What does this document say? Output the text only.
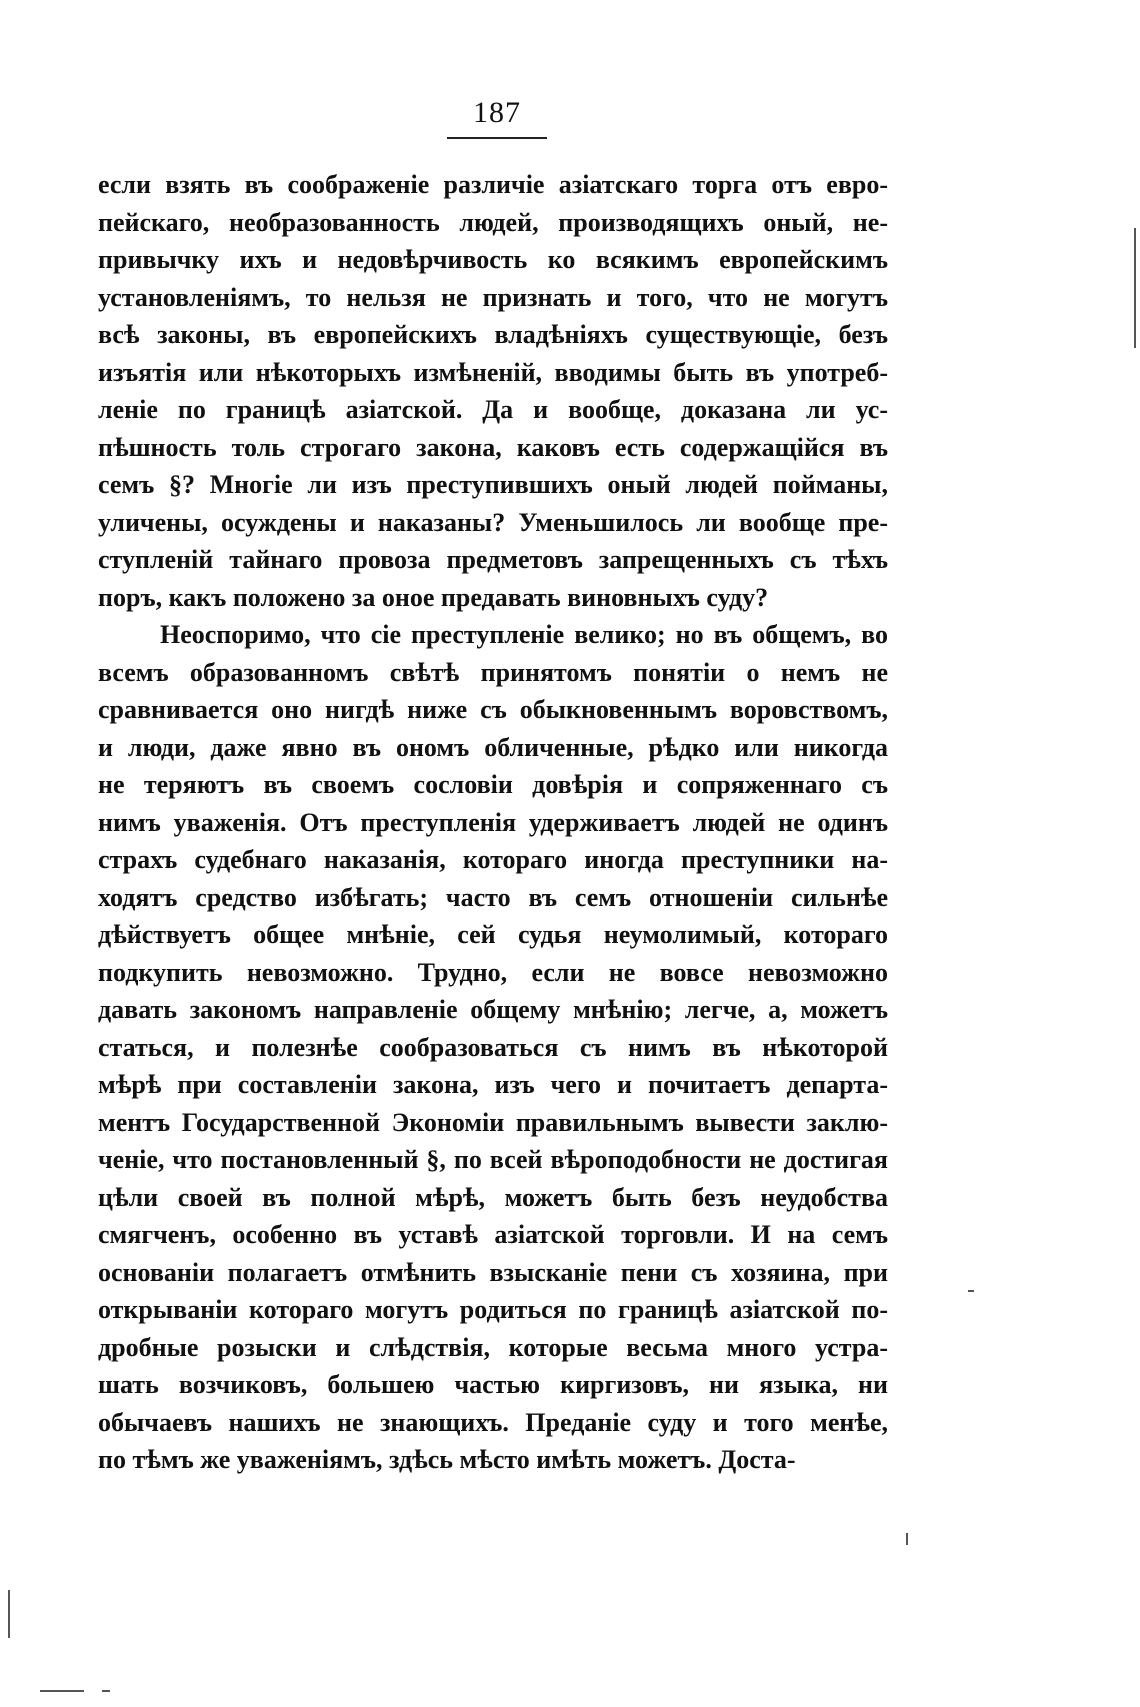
187
если взять въ соображеніе различіе азіатскаго торга отъ евро-
пейскаго, необразованность людей, производящихъ оный, не-
привычку ихъ и недовѣрчивость ко всякимъ европейскимъ
установленіямъ, то нельзя не признать и того, что не могутъ
всѣ законы, въ европейскихъ владѣніяхъ существующіе, безъ
изъятія или нѣкоторыхъ измѣненій, вводимы быть въ употреб-
леніе по границѣ азіатской. Да и вообще, доказана ли ус-
пѣшность толь строгаго закона, каковъ есть содержащійся въ
семъ §? Многіе ли изъ преступившихъ оный людей пойманы,
уличены, осуждены и наказаны? Уменьшилось ли вообще пре-
ступленій тайнаго провоза предметовъ запрещенныхъ съ тѣхъ
поръ, какъ положено за оное предавать виновныхъ суду?
Неоспоримо, что сіе преступленіе велико; но въ общемъ, во
всемъ образованномъ свѣтѣ принятомъ понятіи о немъ не
сравнивается оно нигдѣ ниже съ обыкновеннымъ воровствомъ,
и люди, даже явно въ ономъ обличенные, рѣдко или никогда
не теряютъ въ своемъ сословіи довѣрія и сопряженнаго съ
нимъ уваженія. Отъ преступленія удерживаетъ людей не одинъ
страхъ судебнаго наказанія, котораго иногда преступники на-
ходятъ средство избѣгать; часто въ семъ отношеніи сильнѣе
дѣйствуетъ общее мнѣніе, сей судья неумолимый, котораго
подкупить невозможно. Трудно, если не вовсе невозможно
давать закономъ направленіе общему мнѣнію; легче, а, можетъ
статься, и полезнѣе сообразоваться съ нимъ въ нѣкоторой
мѣрѣ при составленіи закона, изъ чего и почитаетъ департа-
ментъ Государственной Экономіи правильнымъ вывести заклю-
ченіе, что постановленный §, по всей вѣроподобности не достигая
цѣли своей въ полной мѣрѣ, можетъ быть безъ неудобства
смягченъ, особенно въ уставѣ азіатской торговли. И на семъ
основаніи полагаетъ отмѣнить взысканіе пени съ хозяина, при
открываніи котораго могутъ родиться по границѣ азіатской по-
дробные розыски и слѣдствія, которые весьма много устра-
шать возчиковъ, большею частью киргизовъ, ни языка, ни
обычаевъ нашихъ не знающихъ. Преданіе суду и того менѣе,
по тѣмъ же уваженіямъ, здѣсь мѣсто имѣть можетъ. Доста-
